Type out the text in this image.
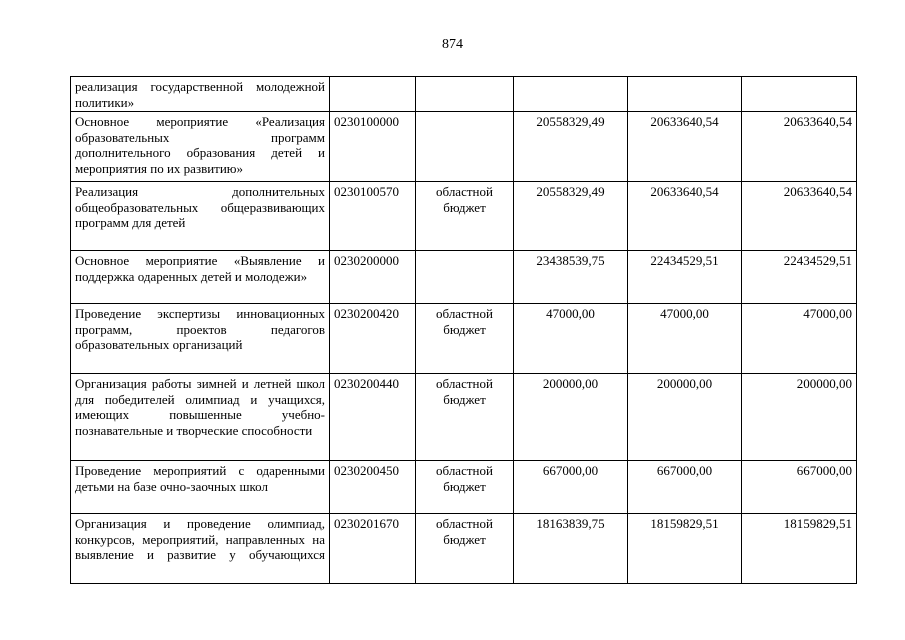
874
реализация государственной молодежной политики»					
Основное мероприятие «Реализация образовательных программ дополнительного образования детей и мероприятия по их развитию»	0230100000		20558329,49	20633640,54	20633640,54
Реализация дополнительных общеобразовательных общеразвивающих программ для детей	0230100570	областной бюджет	20558329,49	20633640,54	20633640,54
Основное мероприятие «Выявление и поддержка одаренных детей и молодежи»	0230200000		23438539,75	22434529,51	22434529,51
Проведение экспертизы инновационных программ, проектов педагогов образовательных организаций	0230200420	областной бюджет	47000,00	47000,00	47000,00
Организация работы зимней и летней школ для победителей олимпиад и учащихся, имеющих повышенные учебно-познавательные и творческие способности	0230200440	областной бюджет	200000,00	200000,00	200000,00
Проведение мероприятий с одаренными детьми на базе очно-заочных школ	0230200450	областной бюджет	667000,00	667000,00	667000,00
Организация и проведение олимпиад, конкурсов, мероприятий, направленных на выявление и развитие у обучающихся	0230201670	областной бюджет	18163839,75	18159829,51	18159829,51
